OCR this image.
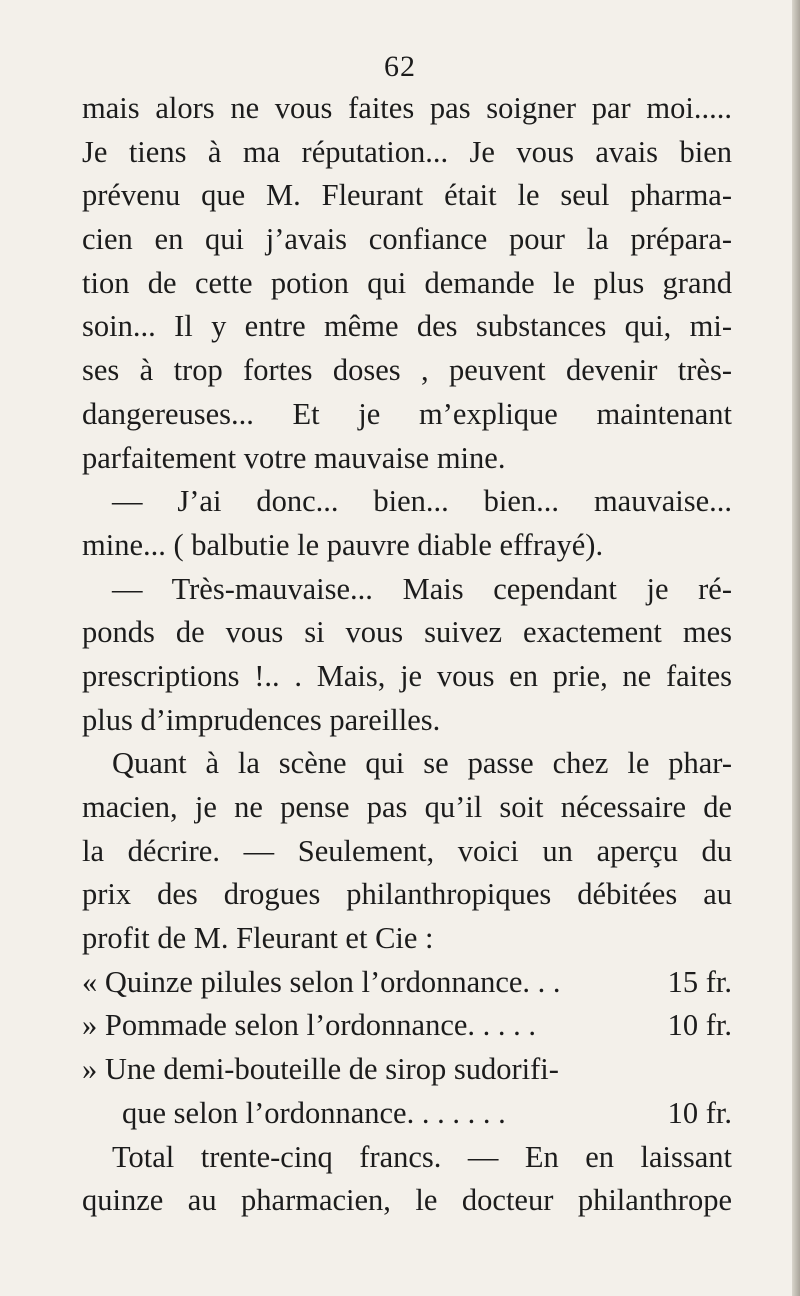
62
mais alors ne vous faites pas soigner par moi.....
Je tiens à ma réputation... Je vous avais bien
prévenu que M. Fleurant était le seul pharma-
cien en qui j’avais confiance pour la prépara-
tion de cette potion qui demande le plus grand
soin... Il y entre même des substances qui, mi-
ses à trop fortes doses , peuvent devenir très-
dangereuses... Et je m’explique maintenant
parfaitement votre mauvaise mine.
— J’ai donc... bien... bien... mauvaise...
mine... ( balbutie le pauvre diable effrayé).
— Très-mauvaise... Mais cependant je ré-
ponds de vous si vous suivez exactement mes
prescriptions !.. . Mais, je vous en prie, ne faites
plus d’imprudences pareilles.
Quant à la scène qui se passe chez le phar-
macien, je ne pense pas qu’il soit nécessaire de
la décrire. — Seulement, voici un aperçu du
prix des drogues philanthropiques débitées au
profit de M. Fleurant et Cie :
« Quinze pilules selon l’ordonnance. . .	15 fr.
» Pommade selon l’ordonnance. . . . .	10 fr.
» Une demi-bouteille de sirop sudorifi-
que selon l’ordonnance. . . . . . .	10 fr.
Total trente-cinq francs. — En en laissant
quinze au pharmacien, le docteur philanthrope
